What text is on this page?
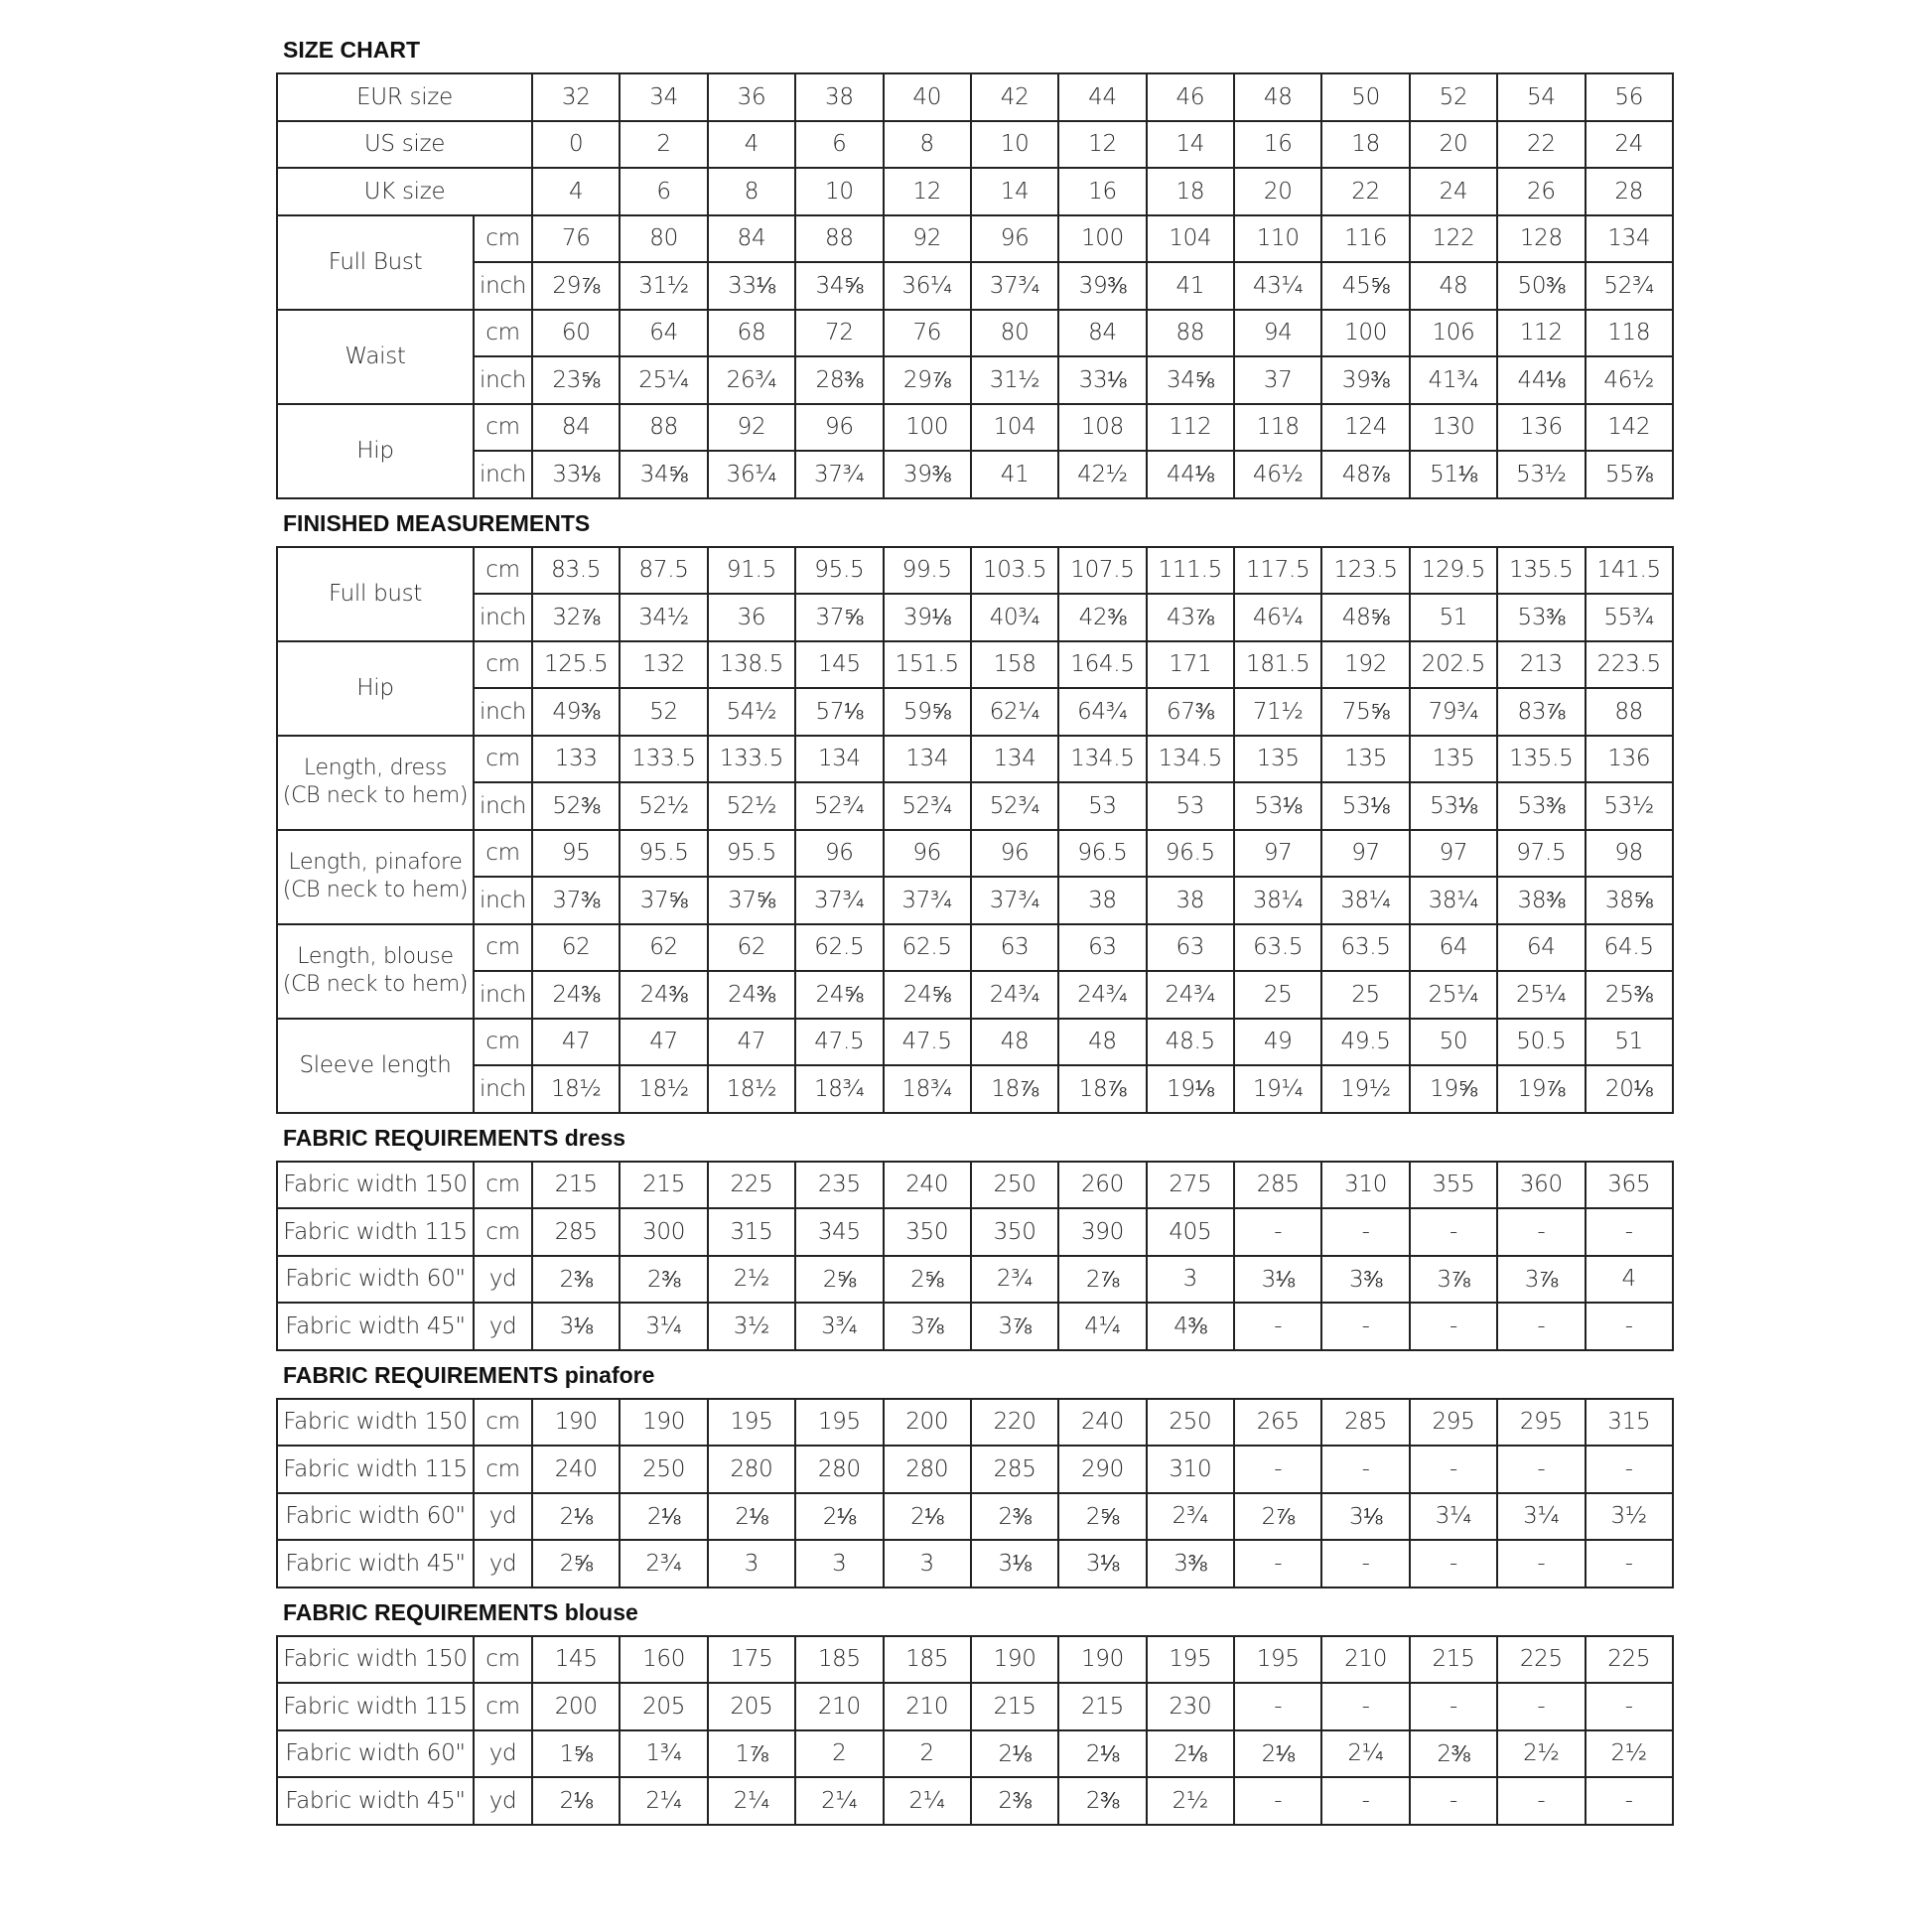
SIZE CHART
EUR size		32	34	36	38	40	42	44	46	48	50	52	54	56
US size		0	2	4	6	8	10	12	14	16	18	20	22	24
UK size		4	6	8	10	12	14	16	18	20	22	24	26	28
Full Bust	cm	76	80	84	88	92	96	100	104	110	116	122	128	134
	inch	29⅞	31½	33⅛	34⅝	36¼	37¾	39⅜	41	43¼	45⅝	48	50⅜	52¾
Waist	cm	60	64	68	72	76	80	84	88	94	100	106	112	118
	inch	23⅝	25¼	26¾	28⅜	29⅞	31½	33⅛	34⅝	37	39⅜	41¾	44⅛	46½
Hip	cm	84	88	92	96	100	104	108	112	118	124	130	136	142
	inch	33⅛	34⅝	36¼	37¾	39⅜	41	42½	44⅛	46½	48⅞	51⅛	53½	55⅞
FINISHED MEASUREMENTS
Full bust	cm	83.5	87.5	91.5	95.5	99.5	103.5	107.5	111.5	117.5	123.5	129.5	135.5	141.5
	inch	32⅞	34½	36	37⅝	39⅛	40¾	42⅜	43⅞	46¼	48⅝	51	53⅜	55¾
Hip	cm	125.5	132	138.5	145	151.5	158	164.5	171	181.5	192	202.5	213	223.5
	inch	49⅜	52	54½	57⅛	59⅝	62¼	64¾	67⅜	71½	75⅝	79¾	83⅞	88
Length, dress
(CB neck to hem)	cm	133	133.5	133.5	134	134	134	134.5	134.5	135	135	135	135.5	136
	inch	52⅜	52½	52½	52¾	52¾	52¾	53	53	53⅛	53⅛	53⅛	53⅜	53½
Length, pinafore
(CB neck to hem)	cm	95	95.5	95.5	96	96	96	96.5	96.5	97	97	97	97.5	98
	inch	37⅜	37⅝	37⅝	37¾	37¾	37¾	38	38	38¼	38¼	38¼	38⅜	38⅝
Length, blouse
(CB neck to hem)	cm	62	62	62	62.5	62.5	63	63	63	63.5	63.5	64	64	64.5
	inch	24⅜	24⅜	24⅜	24⅝	24⅝	24¾	24¾	24¾	25	25	25¼	25¼	25⅜
Sleeve length	cm	47	47	47	47.5	47.5	48	48	48.5	49	49.5	50	50.5	51
	inch	18½	18½	18½	18¾	18¾	18⅞	18⅞	19⅛	19¼	19½	19⅝	19⅞	20⅛
FABRIC REQUIREMENTS dress
Fabric width 150	cm	215	215	225	235	240	250	260	275	285	310	355	360	365
Fabric width 115	cm	285	300	315	345	350	350	390	405	-	-	-	-	-
Fabric width 60"	yd	2⅜	2⅜	2½	2⅝	2⅝	2¾	2⅞	3	3⅛	3⅜	3⅞	3⅞	4
Fabric width 45"	yd	3⅛	3¼	3½	3¾	3⅞	3⅞	4¼	4⅜	-	-	-	-	-
FABRIC REQUIREMENTS pinafore
Fabric width 150	cm	190	190	195	195	200	220	240	250	265	285	295	295	315
Fabric width 115	cm	240	250	280	280	280	285	290	310	-	-	-	-	-
Fabric width 60"	yd	2⅛	2⅛	2⅛	2⅛	2⅛	2⅜	2⅝	2¾	2⅞	3⅛	3¼	3¼	3½
Fabric width 45"	yd	2⅝	2¾	3	3	3	3⅛	3⅛	3⅜	-	-	-	-	-
FABRIC REQUIREMENTS blouse
Fabric width 150	cm	145	160	175	185	185	190	190	195	195	210	215	225	225
Fabric width 115	cm	200	205	205	210	210	215	215	230	-	-	-	-	-
Fabric width 60"	yd	1⅝	1¾	1⅞	2	2	2⅛	2⅛	2⅛	2⅛	2¼	2⅜	2½	2½
Fabric width 45"	yd	2⅛	2¼	2¼	2¼	2¼	2⅜	2⅜	2½	-	-	-	-	-
